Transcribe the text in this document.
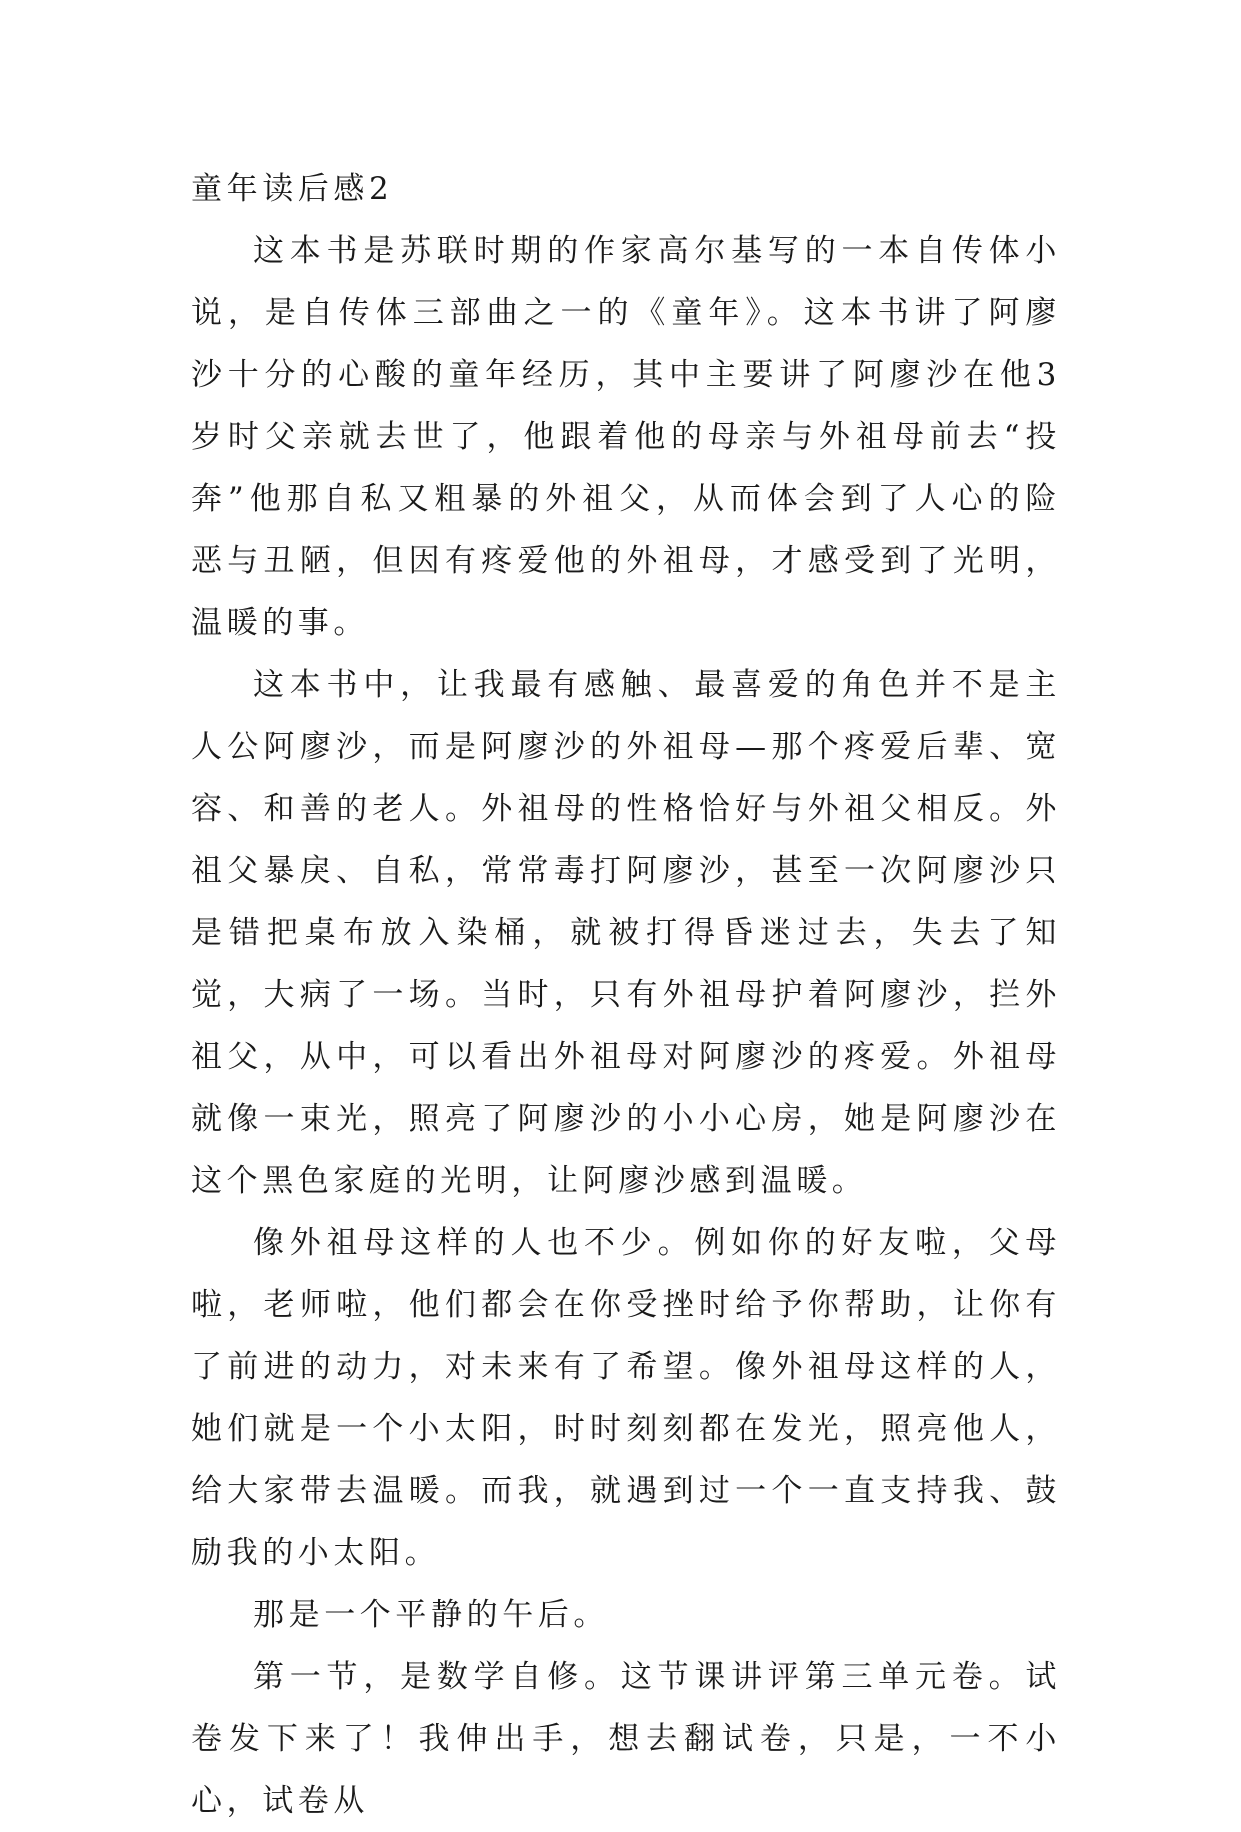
童年读后感2

这本书是苏联时期的作家高尔基写的一本自传体小说，是自传体三部曲之一的《童年》。这本书讲了阿廖沙十分的心酸的童年经历，其中主要讲了阿廖沙在他3岁时父亲就去世了，他跟着他的母亲与外祖母前去“投奔”他那自私又粗暴的外祖父，从而体会到了人心的险恶与丑陋，但因有疼爱他的外祖母，才感受到了光明，温暖的事。

这本书中，让我最有感触、最喜爱的角色并不是主人公阿廖沙，而是阿廖沙的外祖母—那个疼爱后辈、宽容、和善的老人。外祖母的性格恰好与外祖父相反。外祖父暴戾、自私，常常毒打阿廖沙，甚至一次阿廖沙只是错把桌布放入染桶，就被打得昏迷过去，失去了知觉，大病了一场。当时，只有外祖母护着阿廖沙，拦外祖父，从中，可以看出外祖母对阿廖沙的疼爱。外祖母就像一束光，照亮了阿廖沙的小小心房，她是阿廖沙在这个黑色家庭的光明，让阿廖沙感到温暖。

像外祖母这样的人也不少。例如你的好友啦，父母啦，老师啦，他们都会在你受挫时给予你帮助，让你有了前进的动力，对未来有了希望。像外祖母这样的人，她们就是一个小太阳，时时刻刻都在发光，照亮他人，给大家带去温暖。而我，就遇到过一个一直支持我、鼓励我的小太阳。

那是一个平静的午后。

第一节，是数学自修。这节课讲评第三单元卷。试卷发下来了！我伸出手，想去翻试卷，只是，一不小心，试卷从
